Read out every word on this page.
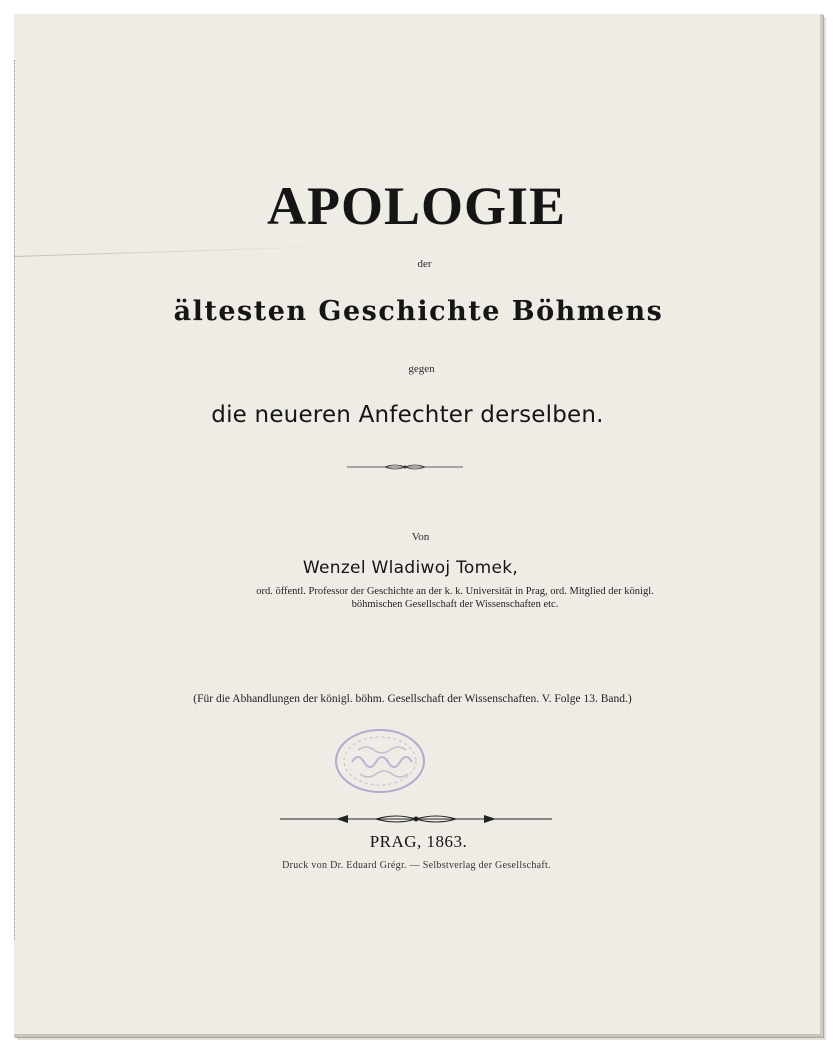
APOLOGIE
der
ältesten Geschichte Böhmens
gegen
die neueren Anfechter derselben.
Von
Wenzel Wladiwoj Tomek,
ord. öffentl. Professor der Geschichte an der k. k. Universität in Prag, ord. Mitglied der königl. böhmischen Gesellschaft der Wissenschaften etc.
(Für die Abhandlungen der königl. böhm. Gesellschaft der Wissenschaften. V. Folge 13. Band.)
PRAG, 1863.
Druck von Dr. Eduard Grégr. — Selbstverlag der Gesellschaft.
